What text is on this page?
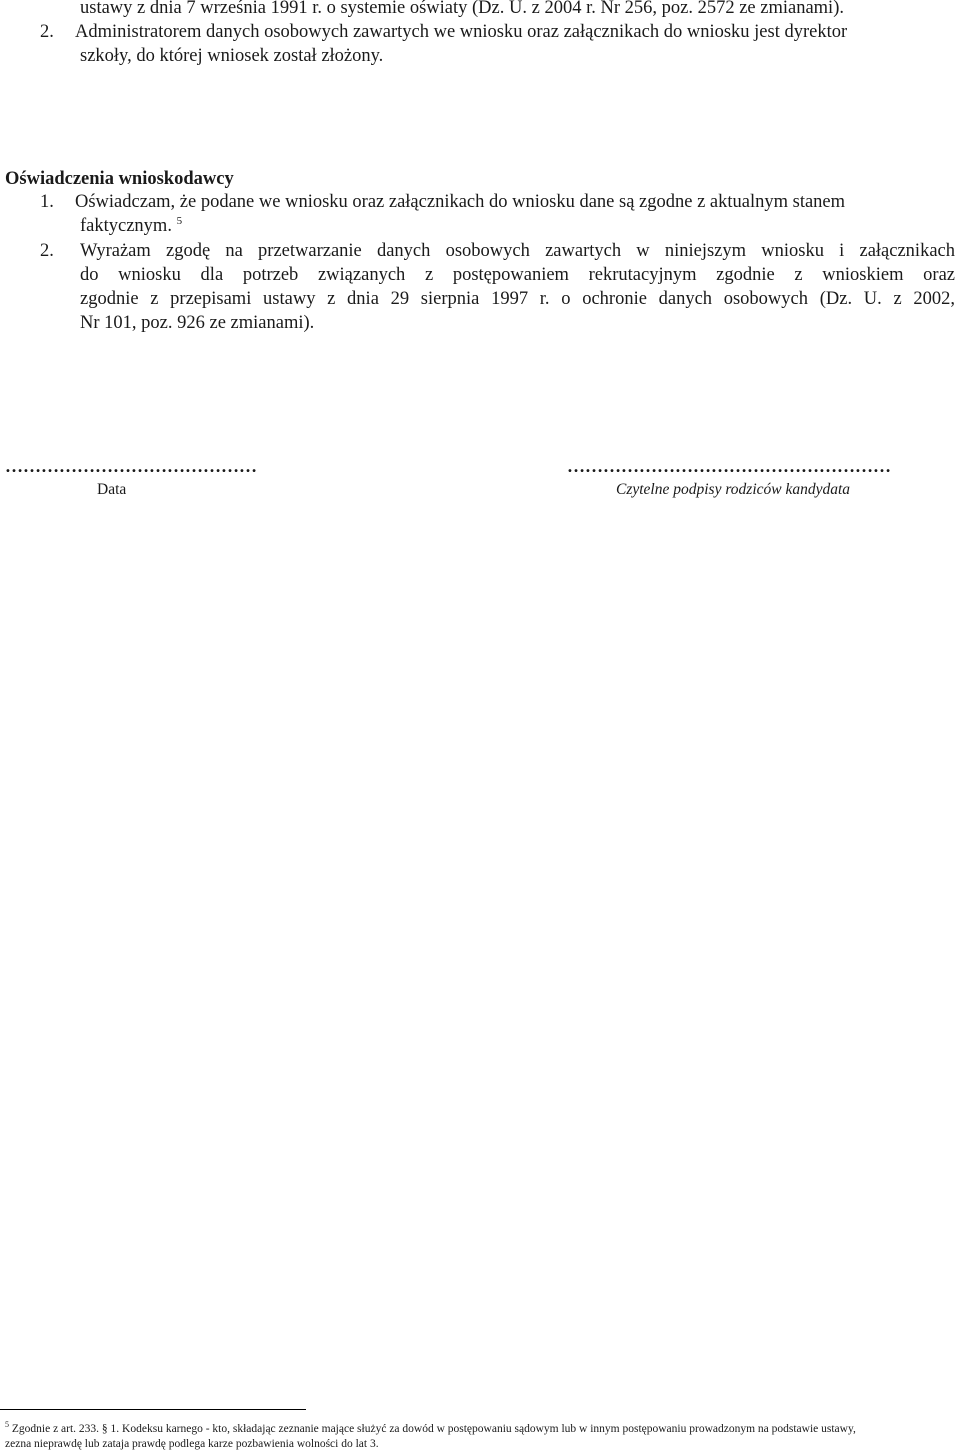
ustawy z dnia 7 września 1991 r. o systemie oświaty (Dz. U. z 2004 r. Nr 256, poz. 2572 ze zmianami).
2. Administratorem danych osobowych zawartych we wniosku oraz załącznikach do wniosku jest dyrektor
szkoły, do której wniosek został złożony.
Oświadczenia wnioskodawcy
1. Oświadczam, że podane we wniosku oraz załącznikach do wniosku dane są zgodne z aktualnym stanem
faktycznym. $^5$
2. Wyrażam zgodę na przetwarzanie danych osobowych zawartych w niniejszym wniosku i załącznikach
do wniosku dla potrzeb związanych z postępowaniem rekrutacyjnym zgodnie z wnioskiem oraz
zgodnie z przepisami ustawy z dnia 29 sierpnia 1997 r. o ochronie danych osobowych (Dz. U. z 2002,
Nr 101, poz. 926 ze zmianami).
……………………………………
Data
………………………………………………
Czytelne podpisy rodziców kandydata
$^5$ Zgodnie z art. 233. § 1. Kodeksu karnego - kto, składając zeznanie mające służyć za dowód w postępowaniu sądowym lub w innym postępowaniu prowadzonym na podstawie ustawy,
zezna nieprawdę lub zataja prawdę podlega karze pozbawienia wolności do lat 3.
